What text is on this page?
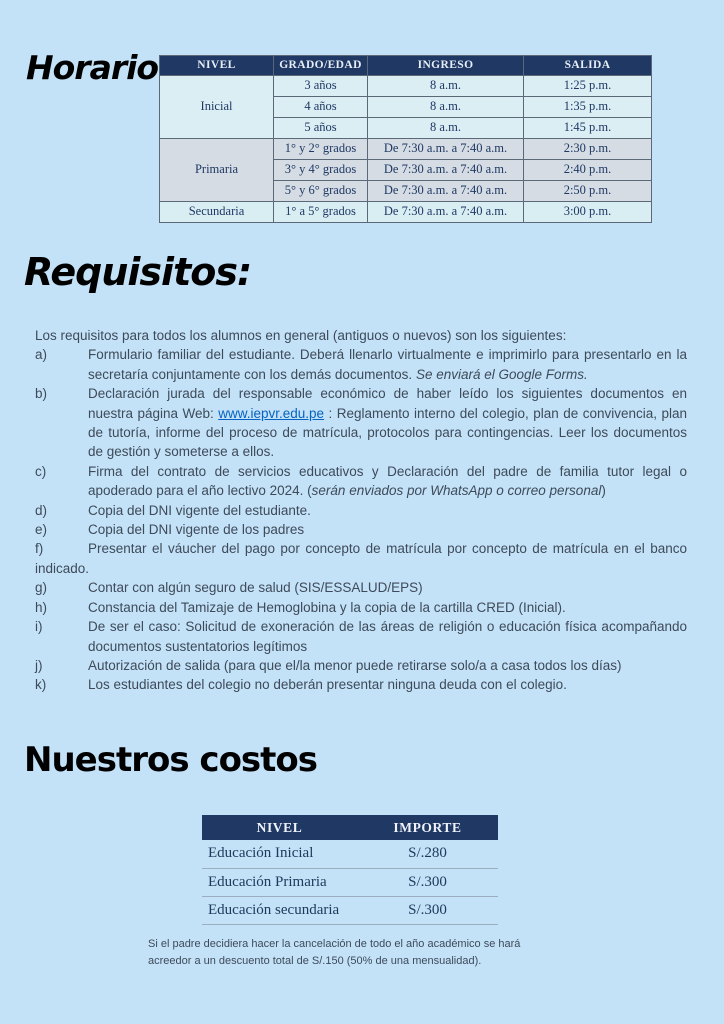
Horario	NIVEL	GRADO/EDAD	INGRESO	SALIDA
Inicial	3 años	8 a.m.	1:25 p.m.
	4 años	8 a.m.	1:35 p.m.
	5 años	8 a.m.	1:45 p.m.
Primaria	1° y 2° grados	De 7:30 a.m. a 7:40 a.m.	2:30 p.m.
	3° y 4° grados	De 7:30 a.m. a 7:40 a.m.	2:40 p.m.
	5° y 6° grados	De 7:30 a.m. a 7:40 a.m.	2:50 p.m.
Secundaria	1° a 5° grados	De 7:30 a.m. a 7:40 a.m.	3:00 p.m.
Requisitos:

Los requisitos para todos los alumnos en general (antiguos o nuevos) son los siguientes:

a)	Formulario familiar del estudiante. Deberá llenarlo virtualmente e imprimirlo para presentarlo en la secretaría conjuntamente con los demás documentos. Se enviará el Google Forms.
b)	Declaración jurada del responsable económico de haber leído los siguientes documentos en nuestra página Web: www.iepvr.edu.pe : Reglamento interno del colegio, plan de convivencia, plan de tutoría, informe del proceso de matrícula, protocolos para contingencias. Leer los documentos de gestión y someterse a ellos.
c)	Firma del contrato de servicios educativos y Declaración del padre de familia tutor legal o apoderado para el año lectivo 2024. (serán enviados por WhatsApp o correo personal)
d)	Copia del DNI vigente del estudiante.
e)	Copia del DNI vigente de los padres
f)	Presentar el váucher del pago por concepto de matrícula por concepto de matrícula en el banco indicado.
g)	Contar con algún seguro de salud (SIS/ESSALUD/EPS)
h)	Constancia del Tamizaje de Hemoglobina y la copia de la cartilla CRED (Inicial).
i)	De ser el caso: Solicitud de exoneración de las áreas de religión o educación física acompañando documentos sustentatorios legítimos
j)	Autorización de salida (para que el/la menor puede retirarse solo/a a casa todos los días)
k)	Los estudiantes del colegio no deberán presentar ninguna deuda con el colegio.
Nuestros costos
NIVEL	IMPORTE
Educación Inicial	S/.280
Educación Primaria	S/.300
Educación secundaria	S/.300
Si el padre decidiera hacer la cancelación de todo el año académico se hará acreedor a un descuento total de S/.150 (50% de una mensualidad).
